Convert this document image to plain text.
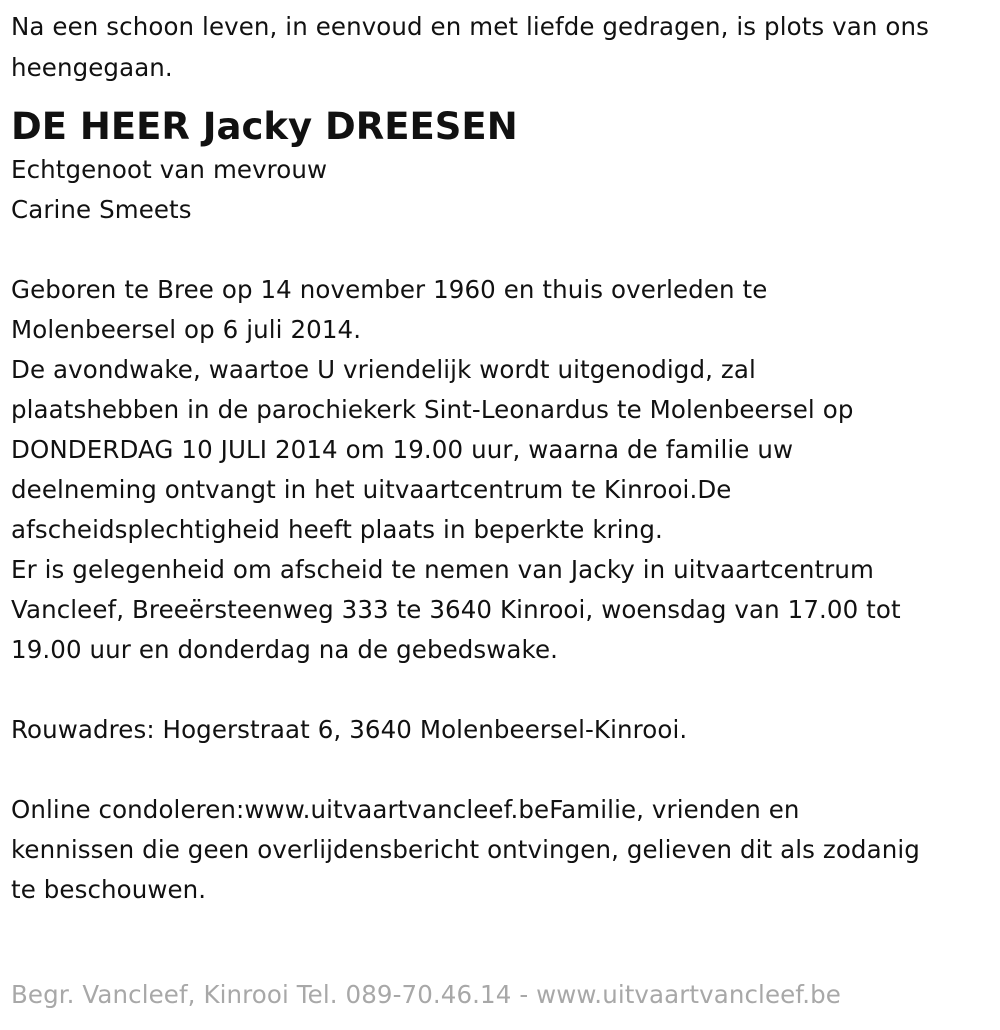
Na een schoon leven, in eenvoud en met liefde gedragen, is plots van ons
heengegaan.
DE HEER Jacky DREESEN
Echtgenoot van mevrouw
Carine Smeets
Geboren te Bree op 14 november 1960 en thuis overleden te
Molenbeersel op 6 juli 2014.
De avondwake, waartoe U vriendelijk wordt uitgenodigd, zal
plaatshebben in de parochiekerk Sint-Leonardus te Molenbeersel op
DONDERDAG 10 JULI 2014 om 19.00 uur, waarna de familie uw
deelneming ontvangt in het uitvaartcentrum te Kinrooi.De
afscheidsplechtigheid heeft plaats in beperkte kring.
Er is gelegenheid om afscheid te nemen van Jacky in uitvaartcentrum
Vancleef, Breeërsteenweg 333 te 3640 Kinrooi, woensdag van 17.00 tot
19.00 uur en donderdag na de gebedswake.
Rouwadres: Hogerstraat 6, 3640 Molenbeersel-Kinrooi.
Online condoleren:www.uitvaartvancleef.beFamilie, vrienden en
kennissen die geen overlijdensbericht ontvingen, gelieven dit als zodanig
te beschouwen.
Begr. Vancleef, Kinrooi Tel. 089-70.46.14 - www.uitvaartvancleef.be
